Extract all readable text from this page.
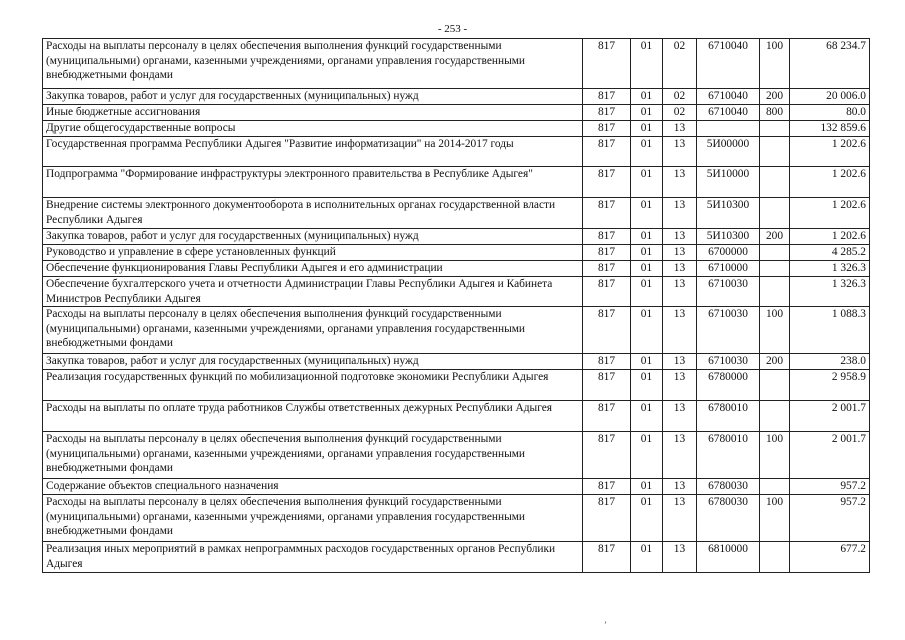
- 253 -
Расходы на выплаты персоналу в целях обеспечения выполнения функций государственными (муниципальными) органами, казенными учреждениями, органами управления государственными внебюджетными фондами	817	01	02	6710040	100	68 234.7
Закупка товаров, работ и услуг для государственных (муниципальных) нужд	817	01	02	6710040	200	20 006.0
Иные бюджетные ассигнования	817	01	02	6710040	800	80.0
Другие общегосударственные вопросы	817	01	13			132 859.6
Государственная программа Республики Адыгея "Развитие информатизации" на 2014-2017 годы	817	01	13	5И00000		1 202.6
Подпрограмма "Формирование инфраструктуры электронного правительства в Республике Адыгея"	817	01	13	5И10000		1 202.6
Внедрение системы электронного документооборота в исполнительных органах государственной власти Республики Адыгея	817	01	13	5И10300		1 202.6
Закупка товаров, работ и услуг для государственных (муниципальных) нужд	817	01	13	5И10300	200	1 202.6
Руководство и управление в сфере установленных функций	817	01	13	6700000		4 285.2
Обеспечение функционирования Главы Республики Адыгея и его администрации	817	01	13	6710000		1 326.3
Обеспечение бухгалтерского учета и отчетности Администрации Главы Республики Адыгея и Кабинета Министров Республики Адыгея	817	01	13	6710030		1 326.3
Расходы на выплаты персоналу в целях обеспечения выполнения функций государственными (муниципальными) органами, казенными учреждениями, органами управления государственными внебюджетными фондами	817	01	13	6710030	100	1 088.3
Закупка товаров, работ и услуг для государственных (муниципальных) нужд	817	01	13	6710030	200	238.0
Реализация государственных функций по мобилизационной подготовке экономики Республики Адыгея	817	01	13	6780000		2 958.9
Расходы на выплаты по оплате труда работников Службы ответственных дежурных Республики Адыгея	817	01	13	6780010		2 001.7
Расходы на выплаты персоналу в целях обеспечения выполнения функций государственными (муниципальными) органами, казенными учреждениями, органами управления государственными внебюджетными фондами	817	01	13	6780010	100	2 001.7
Содержание объектов специального назначения	817	01	13	6780030		957.2
Расходы на выплаты персоналу в целях обеспечения выполнения функций государственными (муниципальными) органами, казенными учреждениями, органами управления государственными внебюджетными фондами	817	01	13	6780030	100	957.2
Реализация иных мероприятий в рамках непрограммных расходов государственных органов Республики Адыгея	817	01	13	6810000		677.2
’
